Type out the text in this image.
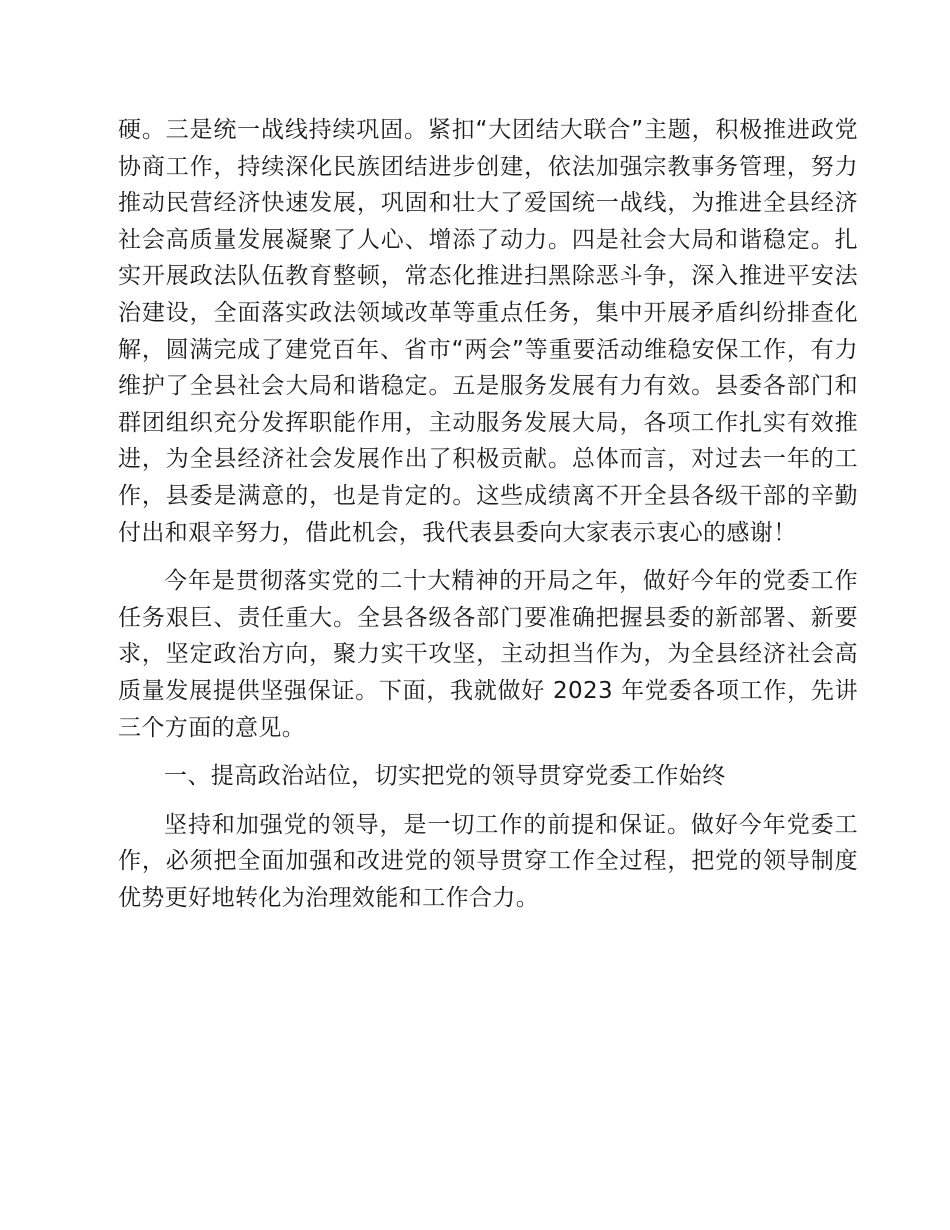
硬。三是统一战线持续巩固。紧扣“大团结大联合”主题，积极推进政党协商工作，持续深化民族团结进步创建，依法加强宗教事务管理，努力推动民营经济快速发展，巩固和壮大了爱国统一战线，为推进全县经济社会高质量发展凝聚了人心、增添了动力。四是社会大局和谐稳定。扎实开展政法队伍教育整顿，常态化推进扫黑除恶斗争，深入推进平安法治建设，全面落实政法领域改革等重点任务，集中开展矛盾纠纷排查化解，圆满完成了建党百年、省市“两会”等重要活动维稳安保工作，有力维护了全县社会大局和谐稳定。五是服务发展有力有效。县委各部门和群团组织充分发挥职能作用，主动服务发展大局，各项工作扎实有效推进，为全县经济社会发展作出了积极贡献。总体而言，对过去一年的工作，县委是满意的，也是肯定的。这些成绩离不开全县各级干部的辛勤付出和艰辛努力，借此机会，我代表县委向大家表示衷心的感谢！

今年是贯彻落实党的二十大精神的开局之年，做好今年的党委工作任务艰巨、责任重大。全县各级各部门要准确把握县委的新部署、新要求，坚定政治方向，聚力实干攻坚，主动担当作为，为全县经济社会高质量发展提供坚强保证。下面，我就做好 2023 年党委各项工作，先讲三个方面的意见。

一、提高政治站位，切实把党的领导贯穿党委工作始终

坚持和加强党的领导，是一切工作的前提和保证。做好今年党委工作，必须把全面加强和改进党的领导贯穿工作全过程，把党的领导制度优势更好地转化为治理效能和工作合力。
